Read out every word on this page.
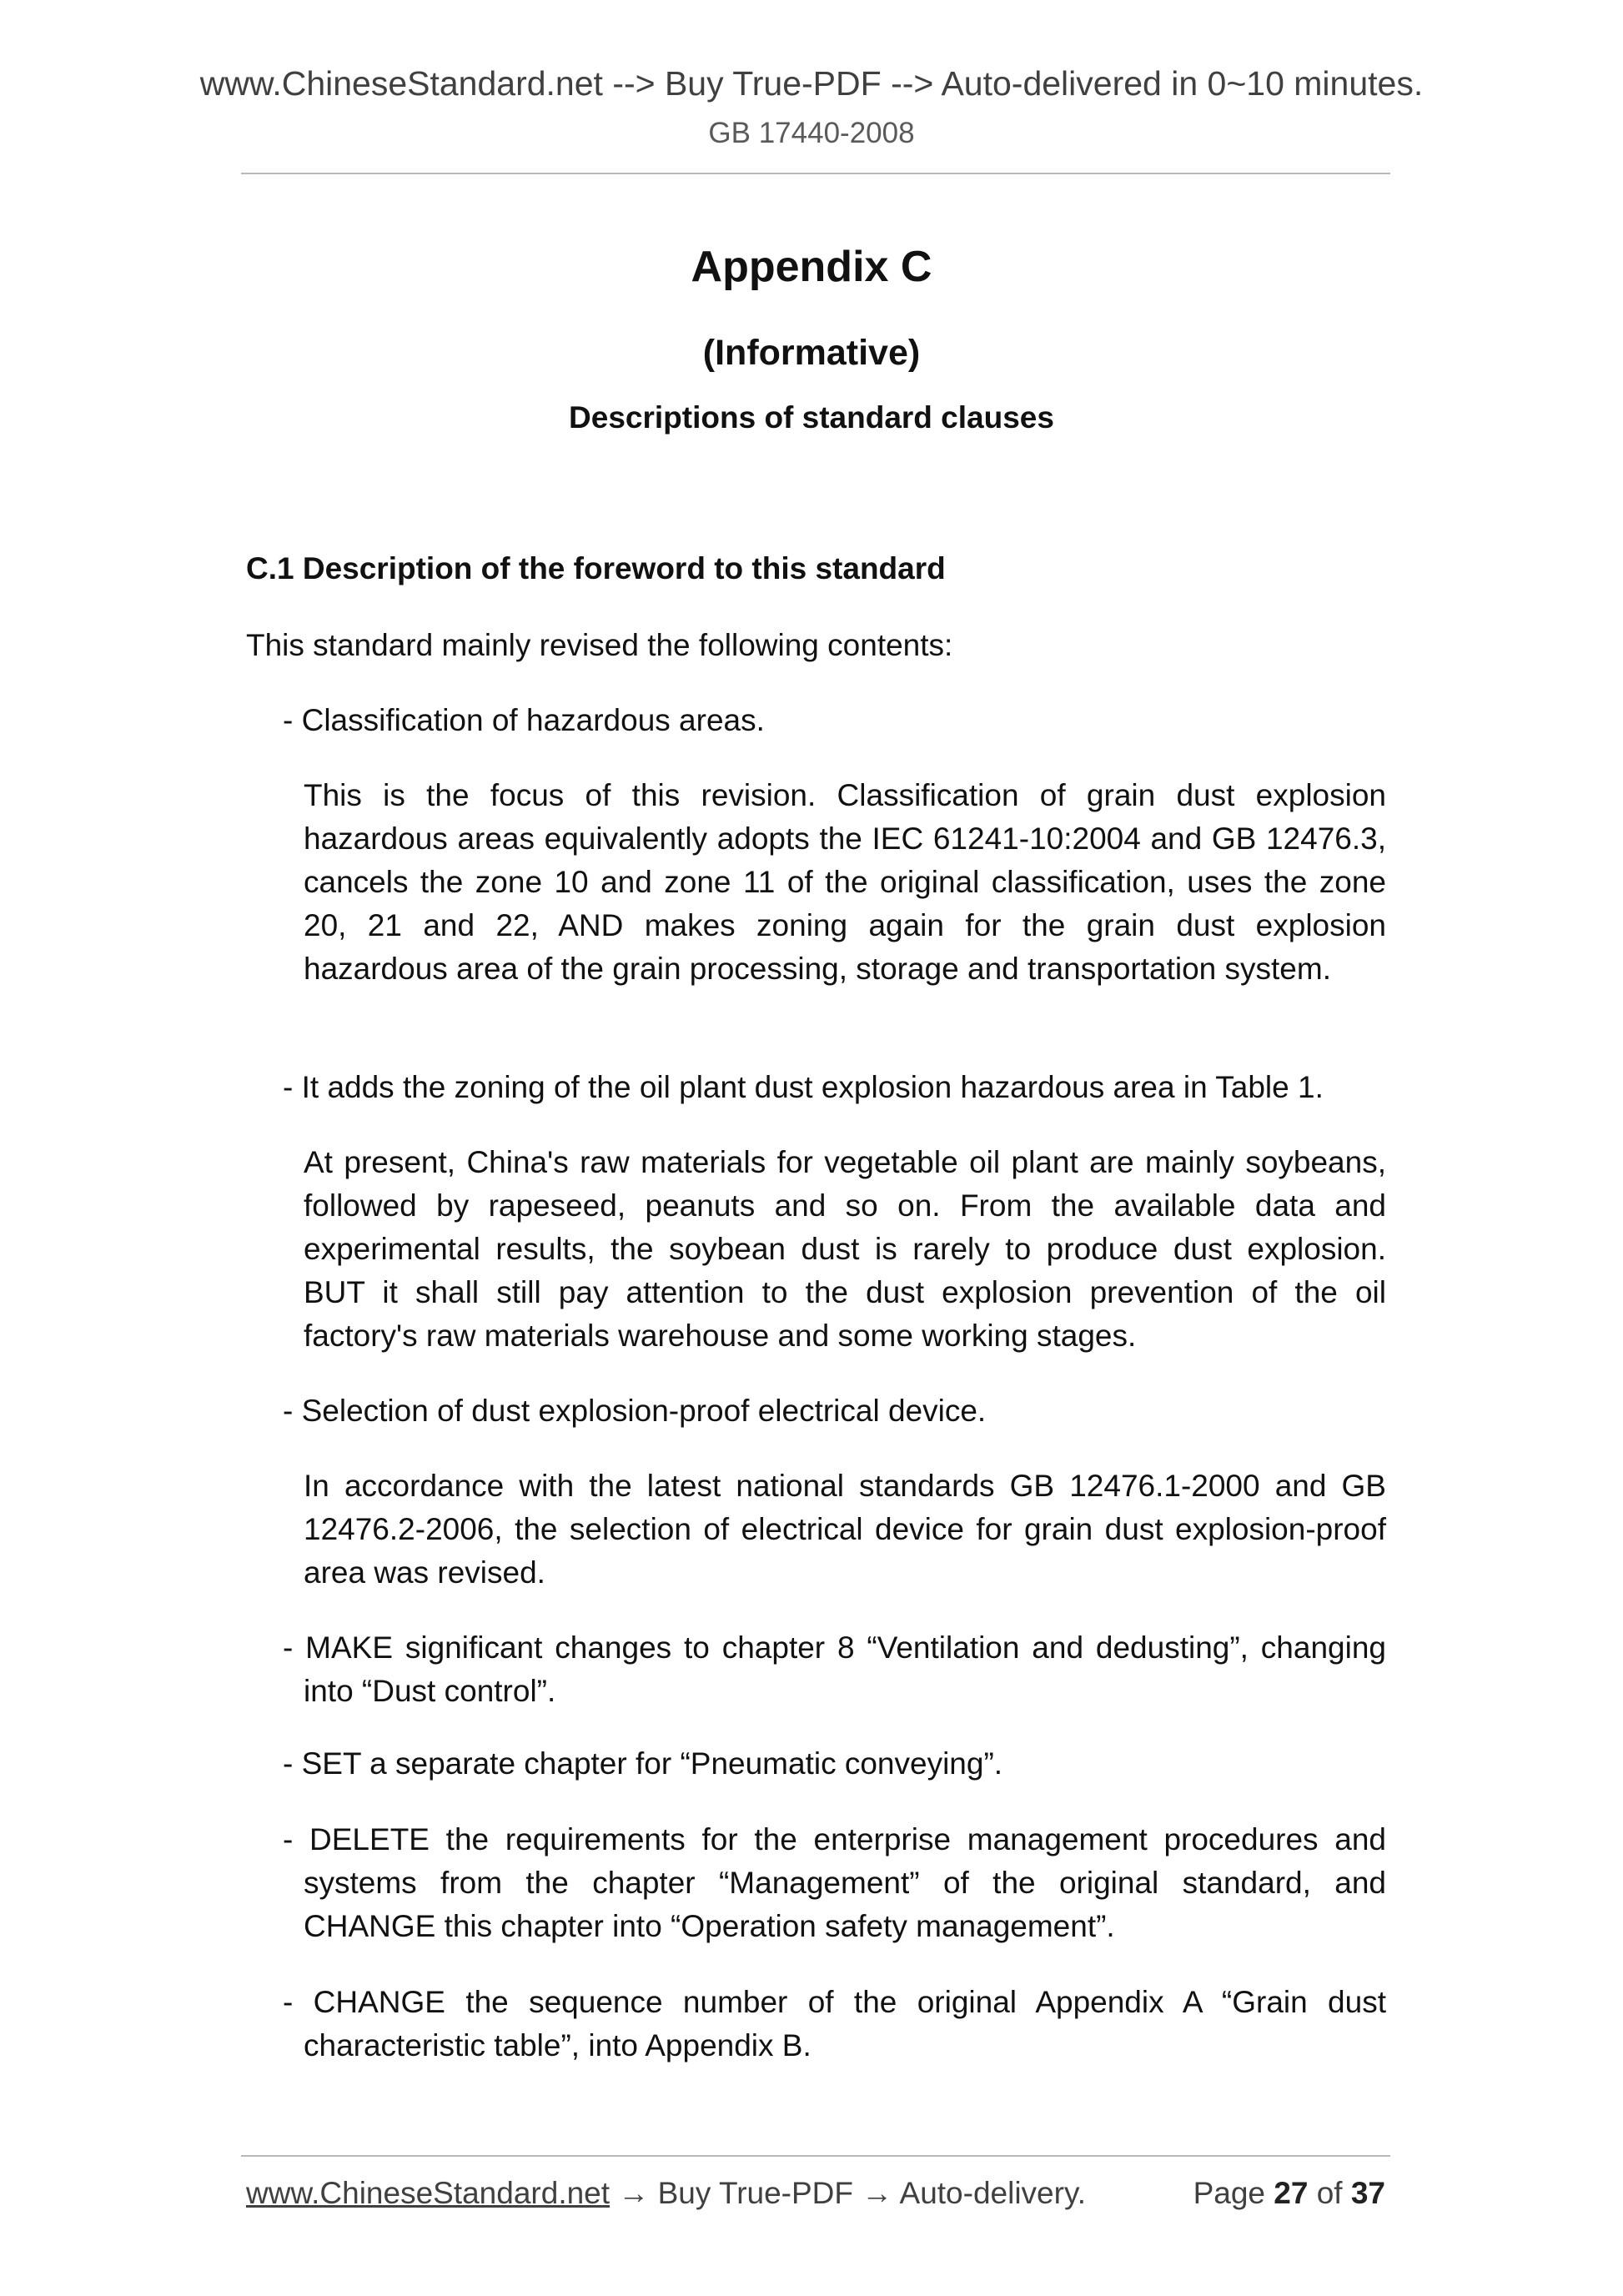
www.ChineseStandard.net --> Buy True-PDF --> Auto-delivered in 0~10 minutes.
GB 17440-2008
Appendix C
(Informative)
Descriptions of standard clauses
C.1 Description of the foreword to this standard
This standard mainly revised the following contents:
- Classification of hazardous areas.
This is the focus of this revision. Classification of grain dust explosion hazardous areas equivalently adopts the IEC 61241-10:2004 and GB 12476.3, cancels the zone 10 and zone 11 of the original classification, uses the zone 20, 21 and 22, AND makes zoning again for the grain dust explosion hazardous area of the grain processing, storage and transportation system.
- It adds the zoning of the oil plant dust explosion hazardous area in Table 1.
At present, China's raw materials for vegetable oil plant are mainly soybeans, followed by rapeseed, peanuts and so on. From the available data and experimental results, the soybean dust is rarely to produce dust explosion. BUT it shall still pay attention to the dust explosion prevention of the oil factory's raw materials warehouse and some working stages.
- Selection of dust explosion-proof electrical device.
In accordance with the latest national standards GB 12476.1-2000 and GB 12476.2-2006, the selection of electrical device for grain dust explosion-proof area was revised.
- MAKE significant changes to chapter 8 “Ventilation and dedusting”, changing into “Dust control”.
- SET a separate chapter for “Pneumatic conveying”.
- DELETE the requirements for the enterprise management procedures and systems from the chapter “Management” of the original standard, and CHANGE this chapter into “Operation safety management”.
- CHANGE the sequence number of the original Appendix A “Grain dust characteristic table”, into Appendix B.
www.ChineseStandard.net → Buy True-PDF → Auto-delivery.	Page 27 of 37
